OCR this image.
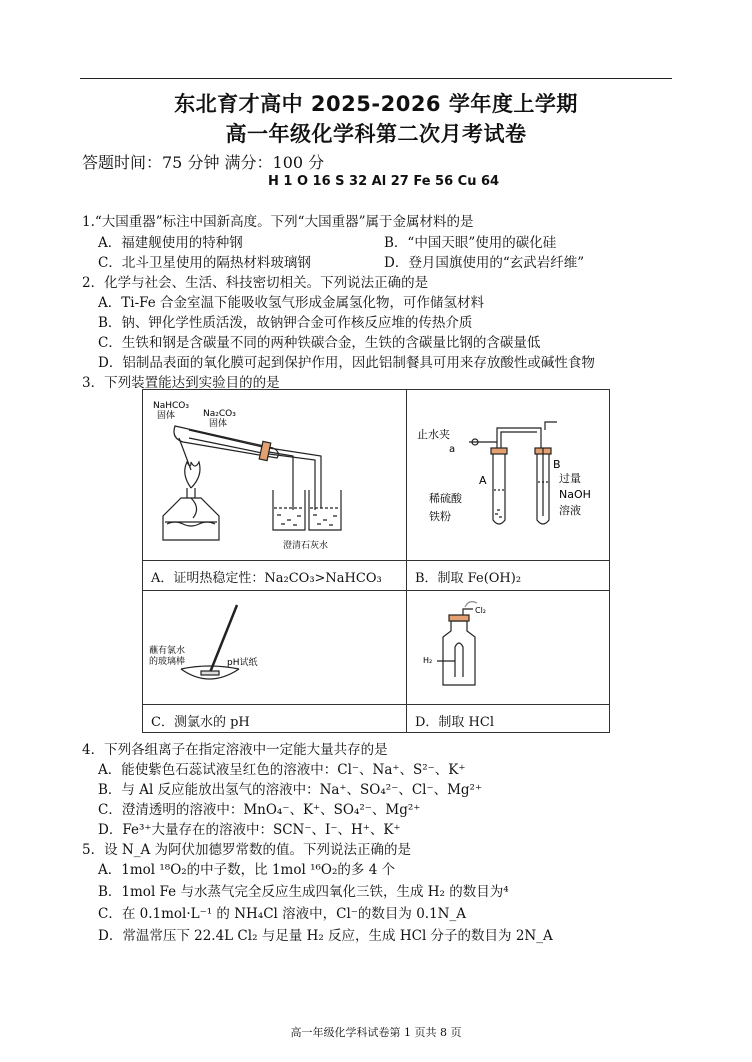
东北育才高中 2025-2026 学年度上学期
高一年级化学科第二次月考试卷
答题时间：75 分钟 满分：100 分
H 1 O 16 S 32 Al 27 Fe 56 Cu 64
1.“大国重器”标注中国新高度。下列“大国重器”属于金属材料的是
A．福建舰使用的特种钢	B．“中国天眼”使用的碳化硅
C．北斗卫星使用的隔热材料玻璃钢	D．登月国旗使用的“玄武岩纤维”
2．化学与社会、生活、科技密切相关。下列说法正确的是
A．Ti-Fe 合金室温下能吸收氢气形成金属氢化物，可作储氢材料
B．钠、钾化学性质活泼，故钠钾合金可作核反应堆的传热介质
C．生铁和钢是含碳量不同的两种铁碳合金，生铁的含碳量比钢的含碳量低
D．铝制品表面的氧化膜可起到保护作用，因此铝制餐具可用来存放酸性或碱性食物
3．下列装置能达到实验目的的是
NaHCO₃
固体	Na₂CO₃
固体
澄清石灰水
止水夹
a
A
B
过量
稀硫酸
铁粉
NaOH
溶液
A．证明热稳定性：Na₂CO₃>NaHCO₃	B．制取 Fe(OH)₂
蘸有氯水
的玻璃棒	pH试纸
Cl₂
H₂
C．测氯水的 pH	D．制取 HCl
4．下列各组离子在指定溶液中一定能大量共存的是
A．能使紫色石蕊试液呈红色的溶液中：Cl⁻、Na⁺、S²⁻、K⁺
B．与 Al 反应能放出氢气的溶液中：Na⁺、SO₄²⁻、Cl⁻、Mg²⁺
C．澄清透明的溶液中：MnO₄⁻、K⁺、SO₄²⁻、Mg²⁺
D．Fe³⁺大量存在的溶液中：SCN⁻、I⁻、H⁺、K⁺
5．设 N_A 为阿伏加德罗常数的值。下列说法正确的是
A．1mol ¹⁸O₂的中子数，比 1mol ¹⁶O₂的多 4 个
B．1mol Fe 与水蒸气完全反应生成四氧化三铁，生成 H₂ 的数目为⁴
C．在 0.1mol·L⁻¹ 的 NH₄Cl 溶液中，Cl⁻的数目为 0.1N_A
D．常温常压下 22.4L Cl₂ 与足量 H₂ 反应，生成 HCl 分子的数目为 2N_A
高一年级化学科试卷第 1 页共 8 页
